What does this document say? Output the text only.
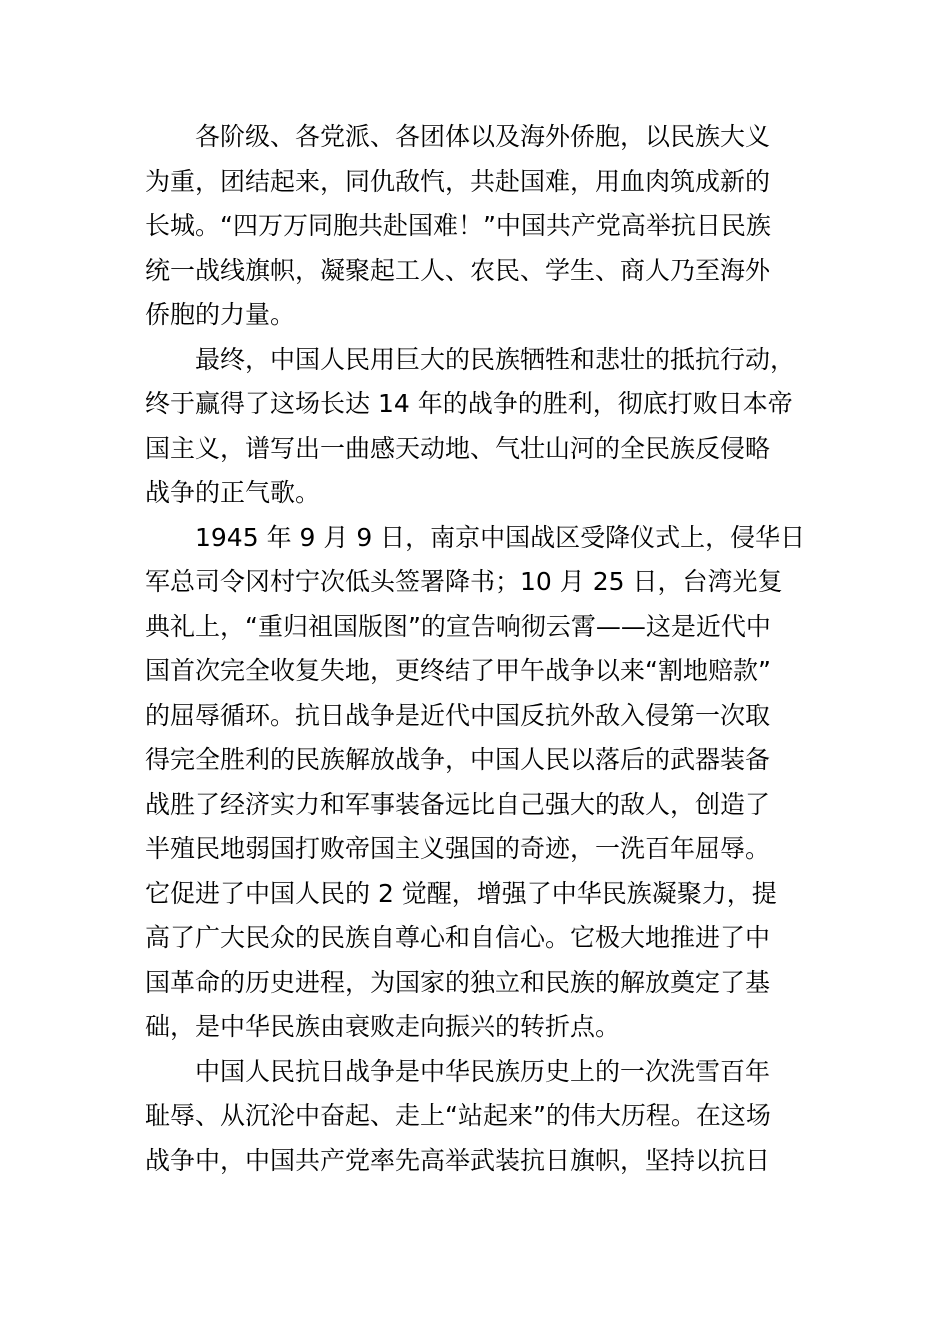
各阶级、各党派、各团体以及海外侨胞，以民族大义
为重，团结起来，同仇敌忾，共赴国难，用血肉筑成新的
长城。“四万万同胞共赴国难！”中国共产党高举抗日民族
统一战线旗帜，凝聚起工人、农民、学生、商人乃至海外
侨胞的力量。
最终，中国人民用巨大的民族牺牲和悲壮的抵抗行动，
终于赢得了这场长达 14 年的战争的胜利，彻底打败日本帝
国主义，谱写出一曲感天动地、气壮山河的全民族反侵略
战争的正气歌。
1945 年 9 月 9 日，南京中国战区受降仪式上，侵华日
军总司令冈村宁次低头签署降书；10 月 25 日，台湾光复
典礼上，“重归祖国版图”的宣告响彻云霄——这是近代中
国首次完全收复失地，更终结了甲午战争以来“割地赔款”
的屈辱循环。抗日战争是近代中国反抗外敌入侵第一次取
得完全胜利的民族解放战争，中国人民以落后的武器装备
战胜了经济实力和军事装备远比自己强大的敌人，创造了
半殖民地弱国打败帝国主义强国的奇迹，一洗百年屈辱。
它促进了中国人民的 2 觉醒，增强了中华民族凝聚力，提
高了广大民众的民族自尊心和自信心。它极大地推进了中
国革命的历史进程，为国家的独立和民族的解放奠定了基
础，是中华民族由衰败走向振兴的转折点。
中国人民抗日战争是中华民族历史上的一次洗雪百年
耻辱、从沉沦中奋起、走上“站起来”的伟大历程。在这场
战争中，中国共产党率先高举武装抗日旗帜，坚持以抗日
